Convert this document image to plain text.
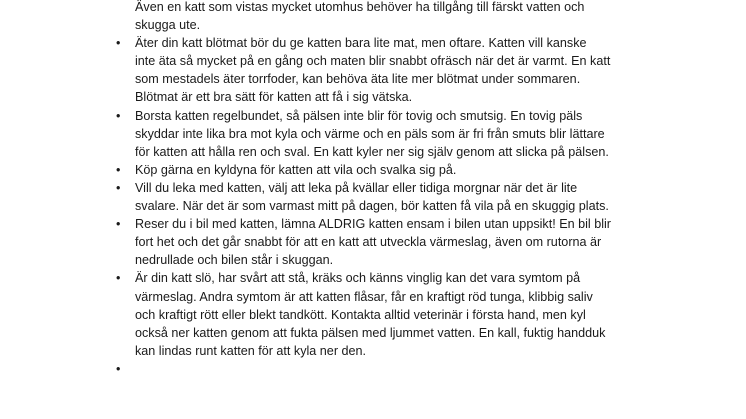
Även en katt som vistas mycket utomhus behöver ha tillgång till färskt vatten och
skugga ute.
• Äter din katt blötmat bör du ge katten bara lite mat, men oftare. Katten vill kanske
inte äta så mycket på en gång och maten blir snabbt ofräsch när det är varmt. En katt
som mestadels äter torrfoder, kan behöva äta lite mer blötmat under sommaren.
Blötmat är ett bra sätt för katten att få i sig vätska.
• Borsta katten regelbundet, så pälsen inte blir för tovig och smutsig. En tovig päls
skyddar inte lika bra mot kyla och värme och en päls som är fri från smuts blir lättare
för katten att hålla ren och sval. En katt kyler ner sig själv genom att slicka på pälsen.
• Köp gärna en kyldyna för katten att vila och svalka sig på.
• Vill du leka med katten, välj att leka på kvällar eller tidiga morgnar när det är lite
svalare. När det är som varmast mitt på dagen, bör katten få vila på en skuggig plats.
• Reser du i bil med katten, lämna ALDRIG katten ensam i bilen utan uppsikt! En bil blir
fort het och det går snabbt för att en katt att utveckla värmeslag, även om rutorna är
nedrullade och bilen står i skuggan.
• Är din katt slö, har svårt att stå, kräks och känns vinglig kan det vara symtom på
värmeslag. Andra symtom är att katten flåsar, får en kraftigt röd tunga, klibbig saliv
och kraftigt rött eller blekt tandkött. Kontakta alltid veterinär i första hand, men kyl
också ner katten genom att fukta pälsen med ljummet vatten. En kall, fuktig handduk
kan lindas runt katten för att kyla ner den.
•
